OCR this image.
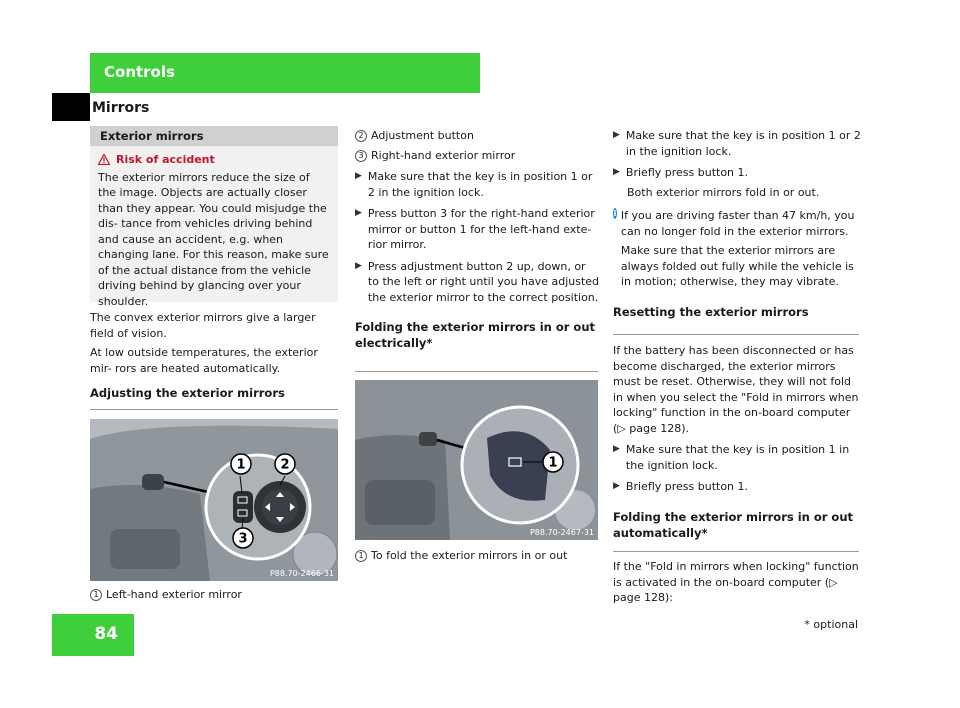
Controls
Mirrors
Exterior mirrors
Risk of accident

The exterior mirrors reduce the size of the image. Objects are actually closer than they appear. You could misjudge the dis- tance from vehicles driving behind and cause an accident, e.g. when changing lane. For this reason, make sure of the actual distance from the vehicle driving behind by glancing over your shoulder.

The convex exterior mirrors give a larger field of vision.

At low outside temperatures, the exterior mir- rors are heated automatically.

Adjusting the exterior mirrors
1	2
3
P88.70-2466-31

1 Left-hand exterior mirror

2 Adjustment button

3 Right-hand exterior mirror

▶ Make sure that the key is in position 1 or 2 in the ignition lock.
▶ Press button 3 for the right-hand exterior mirror or button 1 for the left-hand exte- rior mirror.
▶ Press adjustment button 2 up, down, or to the left or right until you have adjusted the exterior mirror to the correct position.
Folding the exterior mirrors in or out electrically*
1
P88.70-2467-31

1 To fold the exterior mirrors in or out

▶ Make sure that the key is in position 1 or 2 in the ignition lock.
▶ Briefly press button 1.

Both exterior mirrors fold in or out.

i If you are driving faster than 47 km/h, you can no longer fold in the exterior mirrors.

Make sure that the exterior mirrors are always folded out fully while the vehicle is in motion; otherwise, they may vibrate.

Resetting the exterior mirrors

If the battery has been disconnected or has become discharged, the exterior mirrors must be reset. Otherwise, they will not fold in when you select the "Fold in mirrors when locking" function in the on-board computer (▷ page 128).

▶ Make sure that the key is in position 1 in the ignition lock.
▶ Briefly press button 1.
Folding the exterior mirrors in or out automatically*

If the "Fold in mirrors when locking" function is activated in the on-board computer (▷ page 128):

84	* optional
